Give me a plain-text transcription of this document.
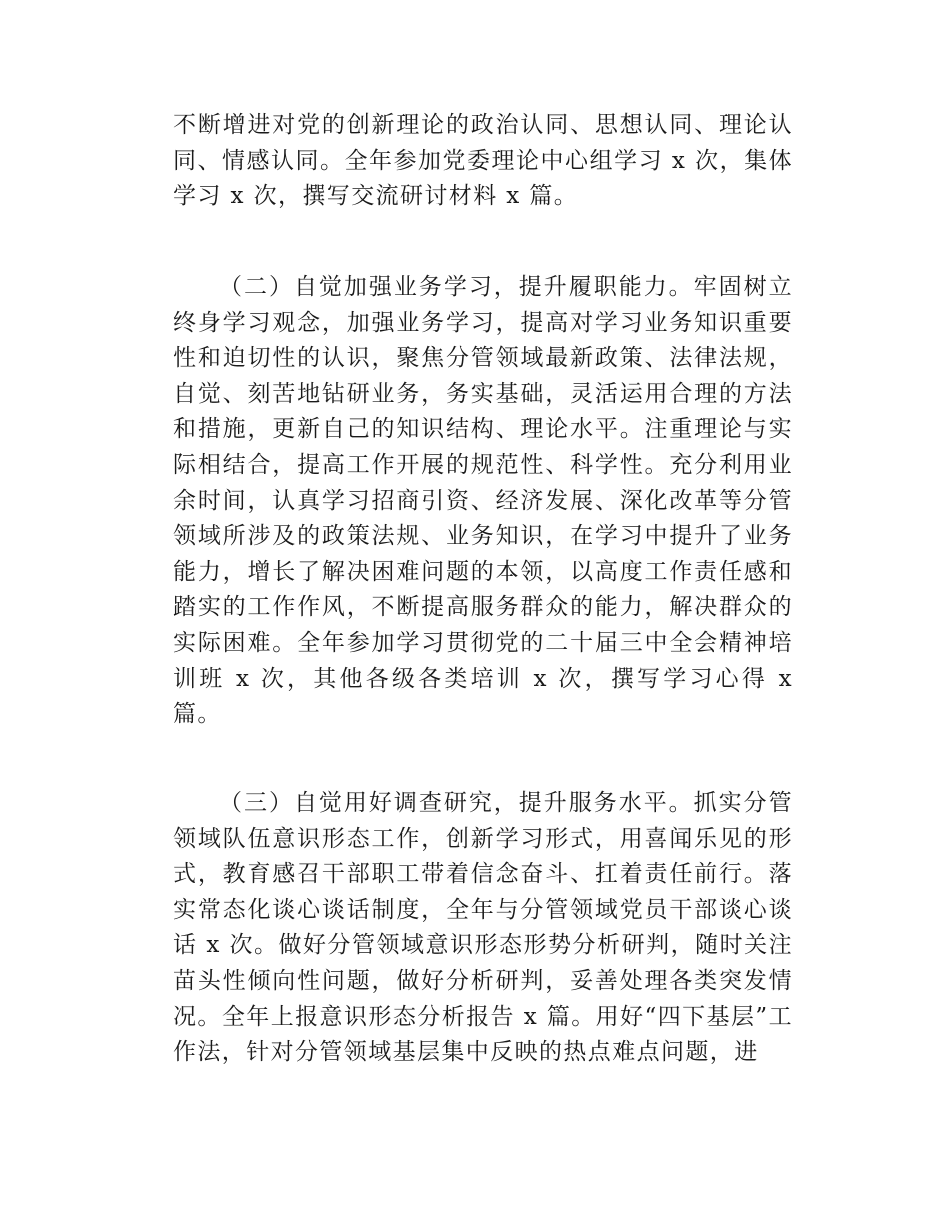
不断增进对党的创新理论的政治认同、思想认同、理论认同、情感认同。全年参加党委理论中心组学习 x 次，集体学习 x 次，撰写交流研讨材料 x 篇。

（二）自觉加强业务学习，提升履职能力。牢固树立终身学习观念，加强业务学习，提高对学习业务知识重要性和迫切性的认识，聚焦分管领域最新政策、法律法规，自觉、刻苦地钻研业务，务实基础，灵活运用合理的方法和措施，更新自己的知识结构、理论水平。注重理论与实际相结合，提高工作开展的规范性、科学性。充分利用业余时间，认真学习招商引资、经济发展、深化改革等分管领域所涉及的政策法规、业务知识，在学习中提升了业务能力，增长了解决困难问题的本领，以高度工作责任感和踏实的工作作风，不断提高服务群众的能力，解决群众的实际困难。全年参加学习贯彻党的二十届三中全会精神培训班 x 次，其他各级各类培训 x 次，撰写学习心得 x 篇。

（三）自觉用好调查研究，提升服务水平。抓实分管领域队伍意识形态工作，创新学习形式，用喜闻乐见的形式，教育感召干部职工带着信念奋斗、扛着责任前行。落实常态化谈心谈话制度，全年与分管领域党员干部谈心谈话 x 次。做好分管领域意识形态形势分析研判，随时关注苗头性倾向性问题，做好分析研判，妥善处理各类突发情况。全年上报意识形态分析报告 x 篇。用好“四下基层”工作法，针对分管领域基层集中反映的热点难点问题，进
